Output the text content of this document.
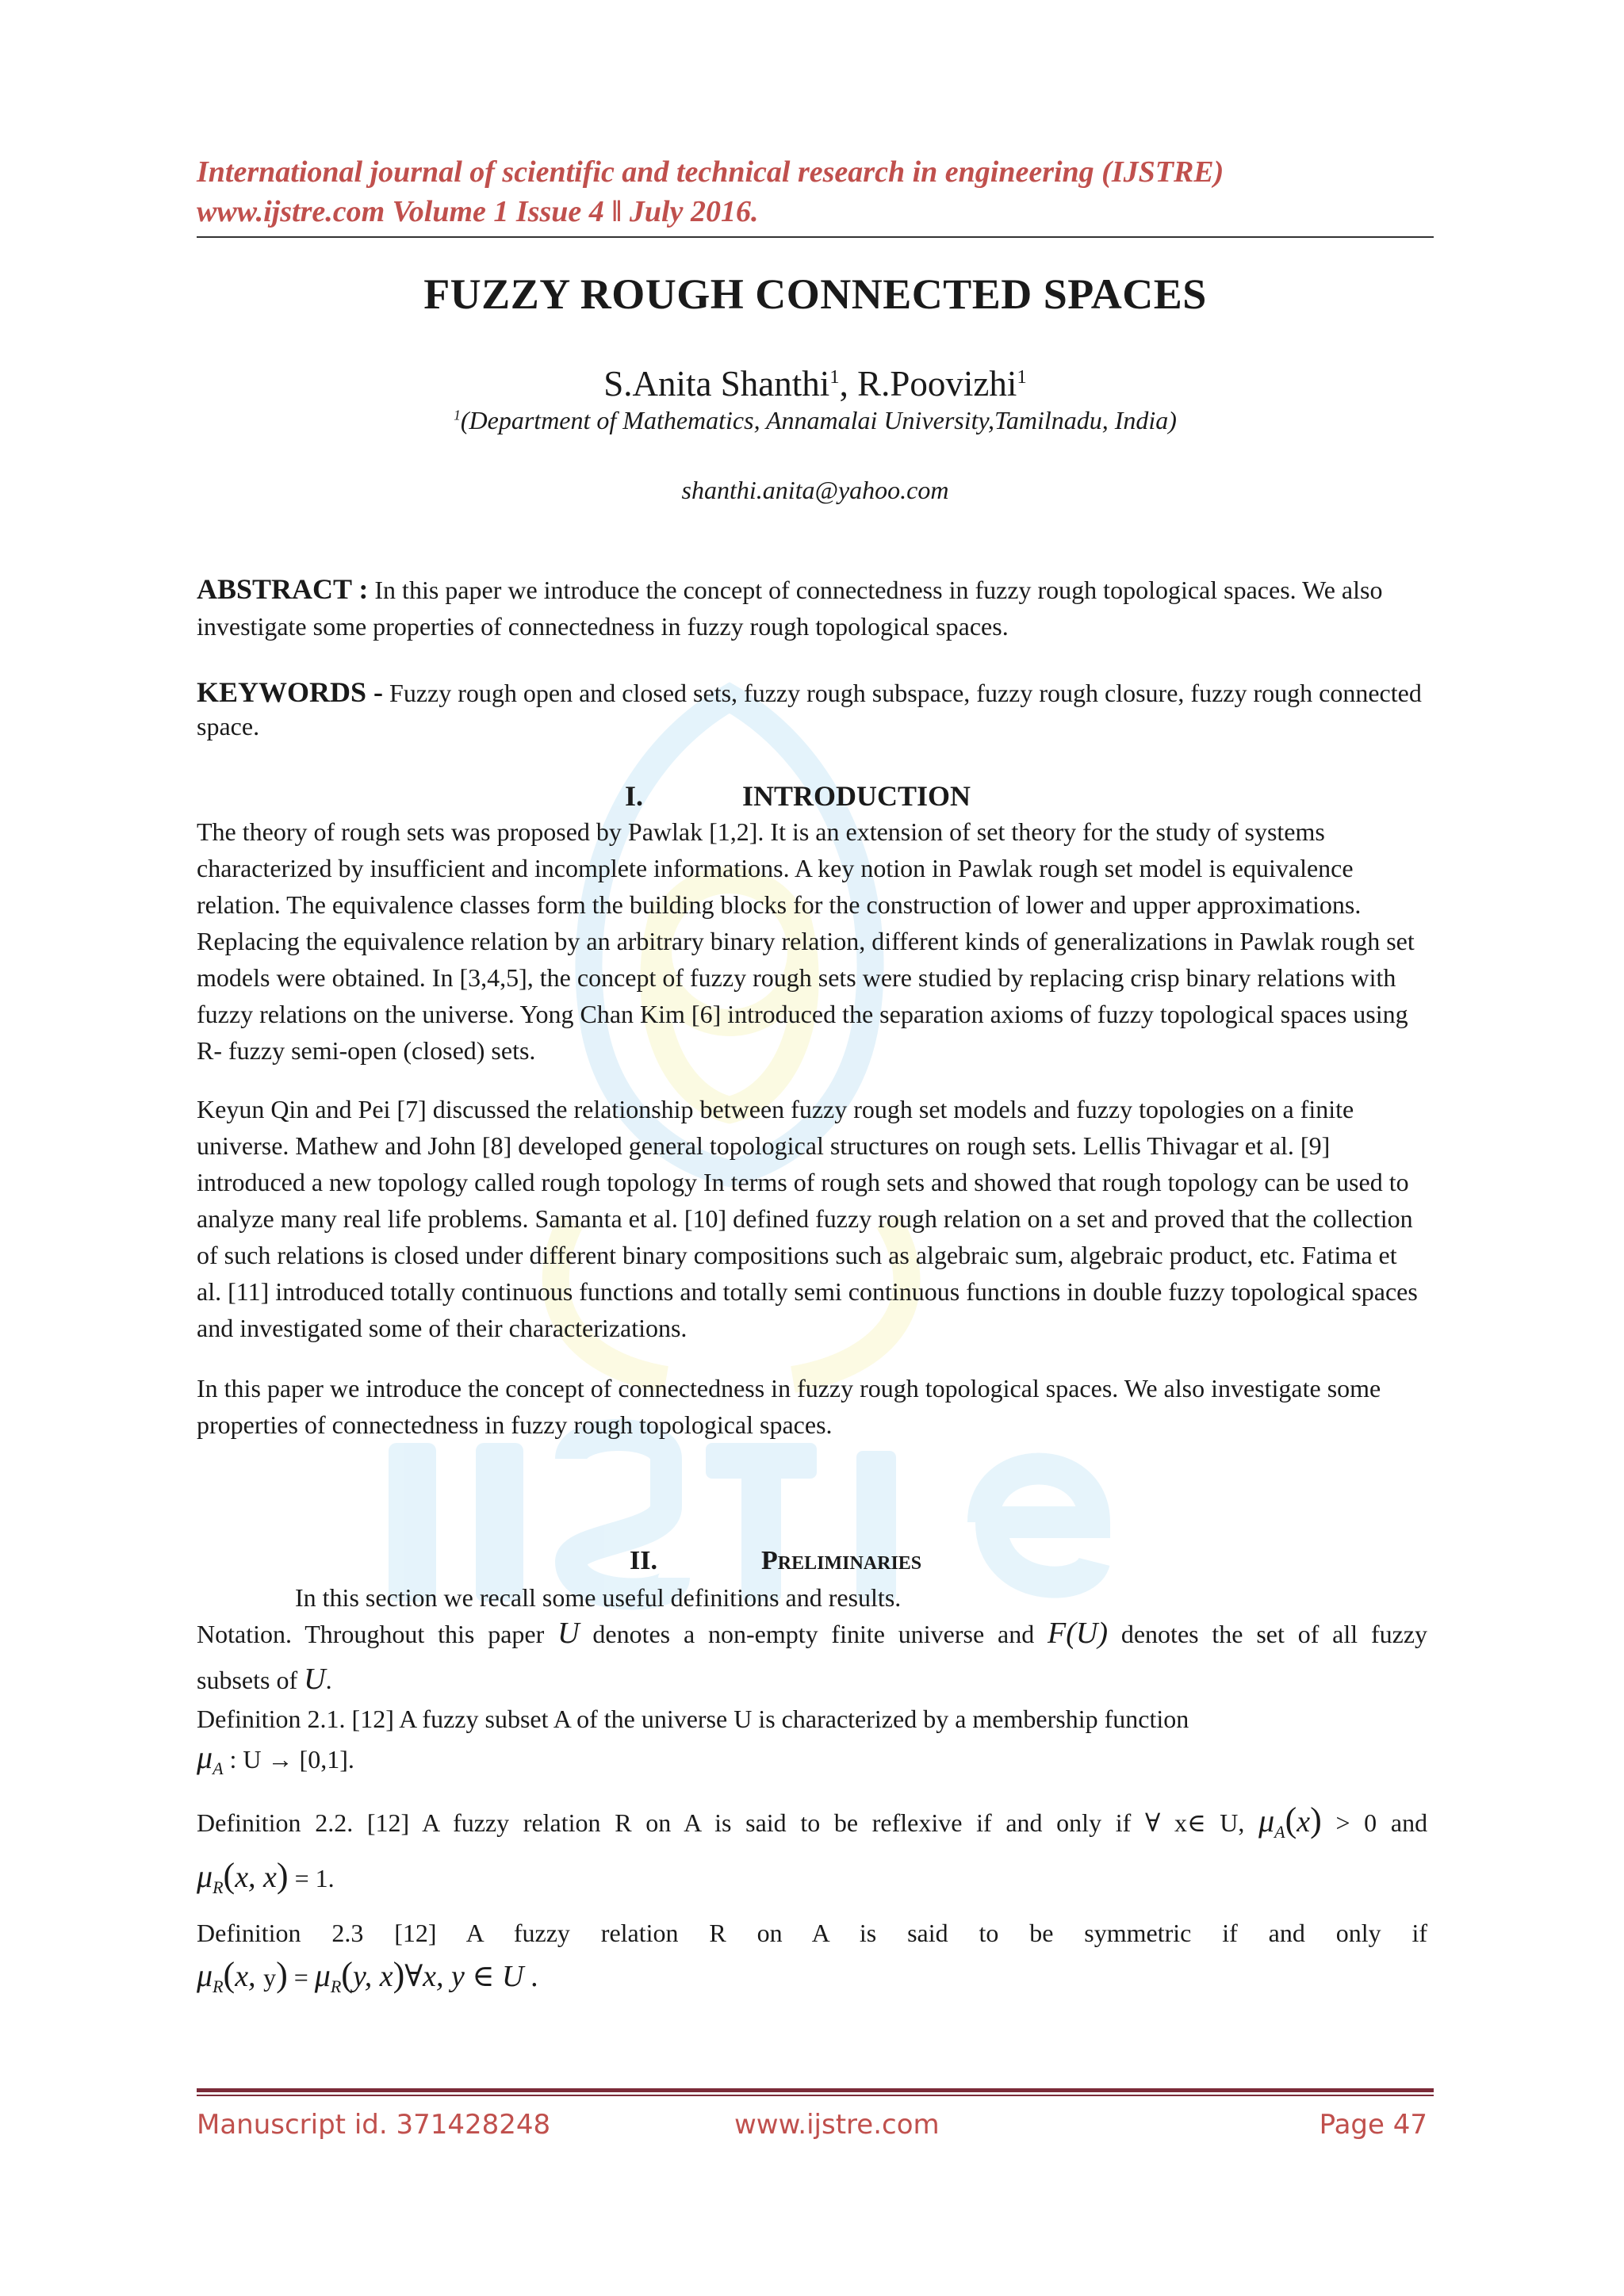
International journal of scientific and technical research in engineering (IJSTRE)
www.ijstre.com Volume 1 Issue 4 ‖ July 2016.
FUZZY ROUGH CONNECTED SPACES
S.Anita Shanthi$^1$, R.Poovizhi$^1$
$^1$(Department of Mathematics, Annamalai University,Tamilnadu, India)
shanthi.anita@yahoo.com
ABSTRACT : In this paper we introduce the concept of connectedness in fuzzy rough topological spaces. We also investigate some properties of connectedness in fuzzy rough topological spaces.
KEYWORDS - Fuzzy rough open and closed sets, fuzzy rough subspace, fuzzy rough closure, fuzzy rough connected space.
I.	INTRODUCTION
The theory of rough sets was proposed by Pawlak [1,2]. It is an extension of set theory for the study of systems characterized by insufficient and incomplete informations. A key notion in Pawlak rough set model is equivalence relation. The equivalence classes form the building blocks for the construction of lower and upper approximations. Replacing the equivalence relation by an arbitrary binary relation, different kinds of generalizations in Pawlak rough set models were obtained. In [3,4,5], the concept of fuzzy rough sets were studied by replacing crisp binary relations with fuzzy relations on the universe. Yong Chan Kim [6] introduced the separation axioms of fuzzy topological spaces using R- fuzzy semi-open (closed) sets.
Keyun Qin and Pei [7] discussed the relationship between fuzzy rough set models and fuzzy topologies on a finite universe. Mathew and John [8] developed general topological structures on rough sets. Lellis Thivagar et al. [9] introduced a new topology called rough topology In terms of rough sets and showed that rough topology can be used to analyze many real life problems. Samanta et al. [10] defined fuzzy rough relation on a set and proved that the collection of such relations is closed under different binary compositions such as algebraic sum, algebraic product, etc. Fatima et al. [11] introduced totally continuous functions and totally semi continuous functions in double fuzzy topological spaces and investigated some of their characterizations.
In this paper we introduce the concept of connectedness in fuzzy rough topological spaces. We also investigate some properties of connectedness in fuzzy rough topological spaces.
II.	Preliminaries
In this section we recall some useful definitions and results.
Notation. Throughout this paper U denotes a non-empty finite universe and F(U) denotes the set of all fuzzy
subsets of U.
Definition 2.1. [12] A fuzzy subset A of the universe U is characterized by a membership function
$\mu_A$ : U → [0,1].
Definition 2.2. [12] A fuzzy relation R on A is said to be reflexive if and only if ∀ x∈ U, $\mu_A(x) > 0$ and
$\mu_R(x$, x) = 1.
Definition 2.3 [12] A fuzzy relation R on A is said to be symmetric if and only if
$\mu_R(x$, $y) = \mu_R(y$, x)∀x, y ∈ U .
Manuscript id. 371428248	www.ijstre.com	Page 47
